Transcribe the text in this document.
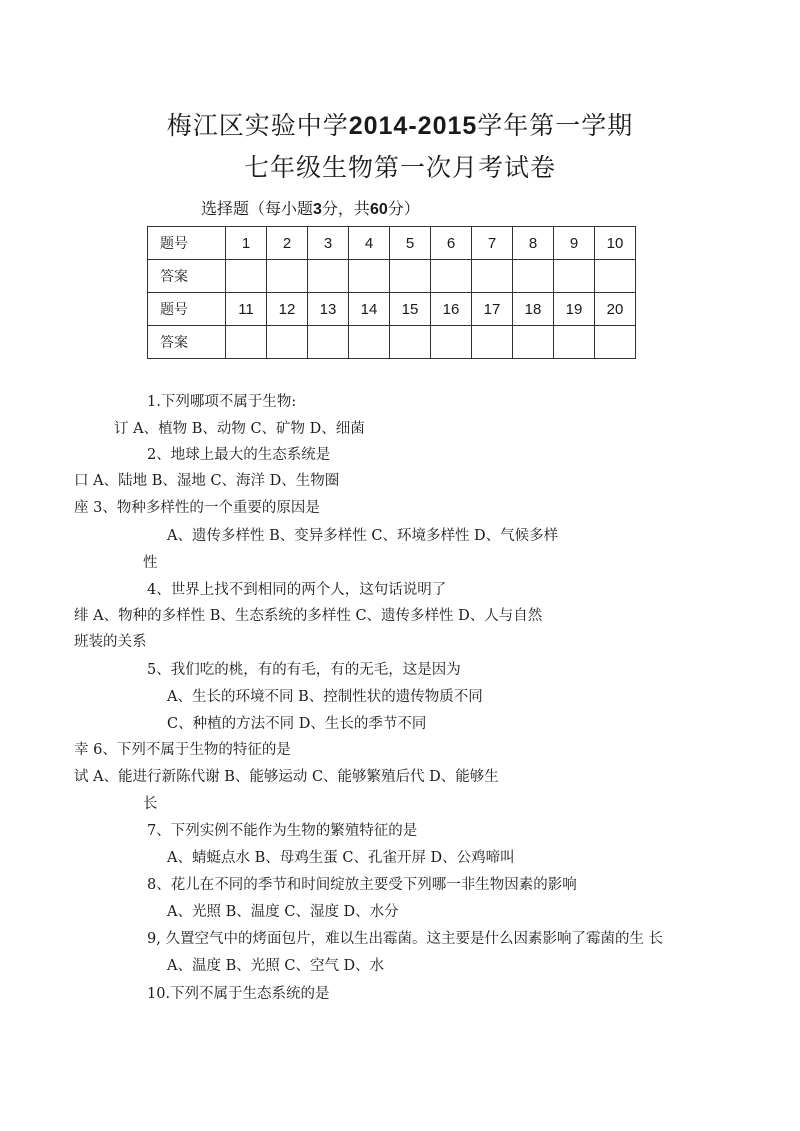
梅江区实验中学2014-2015学年第一学期
七年级生物第一次月考试卷
选择题（每小题3分，共60分）
题号	1	2	3	4	5	6	7	8	9	10
答案										
题号	11	12	13	14	15	16	17	18	19	20
答案										
1.下列哪项不属于生物:
订 A、植物 B、动物 C、矿物 D、细菌
2、地球上最大的生态系统是
口 A、陆地 B、湿地 C、海洋 D、生物圈
座 3、物种多样性的一个重要的原因是
A、遗传多样性 B、变异多样性 C、环境多样性 D、气候多样
性
4、世界上找不到相同的两个人，这句话说明了
绯 A、物种的多样性 B、生态系统的多样性 C、遗传多样性 D、人与自然
班装的关系
5、我们吃的桃，有的有毛，有的无毛，这是因为
A、生长的环境不同 B、控制性状的遗传物质不同
C、种植的方法不同 D、生长的季节不同
幸 6、下列不属于生物的特征的是
试 A、能进行新陈代谢 B、能够运动 C、能够繁殖后代 D、能够生
长
7、下列实例不能作为生物的繁殖特征的是
A、蜻蜓点水 B、母鸡生蛋 C、孔雀开屏 D、公鸡啼叫
8、花儿在不同的季节和时间绽放主要受下列哪一非生物因素的影响
A、光照 B、温度 C、湿度 D、水分
9, 久置空气中的烤面包片，难以生出霉菌。这主要是什么因素影响了霉菌的生 长
A、温度 B、光照 C、空气 D、水
10.下列不属于生态系统的是
